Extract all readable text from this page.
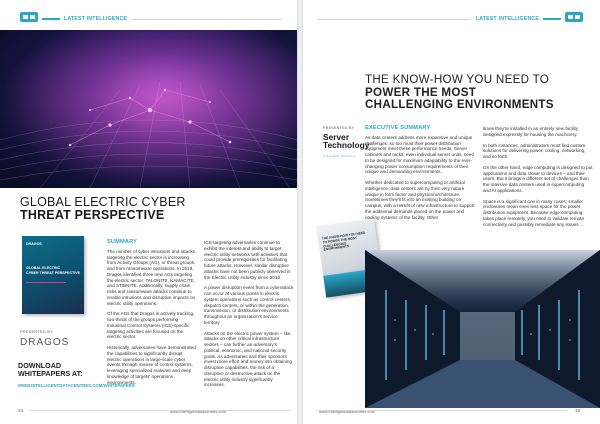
LATEST INTELLIGENCE
GLOBAL ELECTRIC CYBER
THREAT PERSPECTIVE
DRAGOS
GLOBAL ELECTRIC
CYBER THREAT PERSPECTIVE
PRESENTED BY
DRAGOS
DOWNLOAD WHITEPAPERS AT:
WWW.INTELLIGENTDATACENTRES.COM/WHITEPAPERS
SUMMARY

The number of cyber intrusions and attacks targeting the electric sector is increasing from Activity Groups (AG), or threat groups, and from ransomware operations. In 2019, Dragos identified three new AGs targeting the electric sector: TALONITE, KAMACITE, and STIBNITE. Additionally, supply chain risks and ransomware attacks continue to enable intrusions and disruptive impacts on electric utility operations.

Of the AGs that Dragos is actively tracking, two-thirds of the groups performing Industrial Control Systems (ICS)-specific targeting activities are focused on the electric sector.

Historically, adversaries have demonstrated the capabilities to significantly disrupt electric operations in large-scale cyber events through misuse of control systems, leveraging specialized malware and deep knowledge of targets' operations environments.

ICS-targeting adversaries continue to exhibit the interest and ability to target electric utility networks with activities that could provide prerequisites for facilitating future attacks. However, similar disruptive attacks have not been publicly observed in the Electric Utility industry since 2016.

A power disruption event from a cyberattack can occur at various points in electric system operations such as control centers, dispatch centers, or within the generation, transmission, or distribution environments throughout an organization's service territory.

Attacks on the electric power system – like attacks on other critical infrastructure sectors – can further an adversary's political, economic, and national security goals. As adversaries and their sponsors invest more effort and money into obtaining disruptive capabilities, the risk of a disruptive or destructive attack on the electric utility industry significantly increases.

34	www.intelligentdatacentres.com
LATEST INTELLIGENCE
THE KNOW-HOW YOU NEED TO
POWER THE MOST
CHALLENGING ENVIRONMENTS
PRESENTED BY
Server
Technology
a Kontron Solution
THE KNOW-HOW YOU NEED TO POWER THE MOST CHALLENGING ENVIRONMENTS
EXECUTIVE SUMMARY

As data centers address more expansive and unique challenges, so too must their power distribution equipment meet these performance needs. Server cabinets and racks, even individual server units, need to be designed for maximum adaptability to the ever-changing power consumption requirements of their unique and demanding environments.

Whether dedicated to supercomputing or artificial intelligence, data centers are by their very nature unique in form factor and physical architecture. Sometimes they'll fit into an existing building on campus, with a retrofit of new infrastructure to support the additional demands placed on the power and cooling systems of the facility. Other

times they're installed in an entirely new facility designed expressly for housing the machinery.

In both instances, administrators must find custom solutions for delivering power, cooling, networking, and so forth.

On the other hand, edge computing is designed to put applications and data closer to devices – and their users. But it brings a different set of challenges than the massive data centers used in supercomputing and AI applications.

Space is a significant one in many cases; smaller enclosures mean even less space for the power distribution equipment. Because edge computing takes place remotely, you need to validate remote connectivity and possibly remediate any issues …

www.intelligentdatacentres.com	15
